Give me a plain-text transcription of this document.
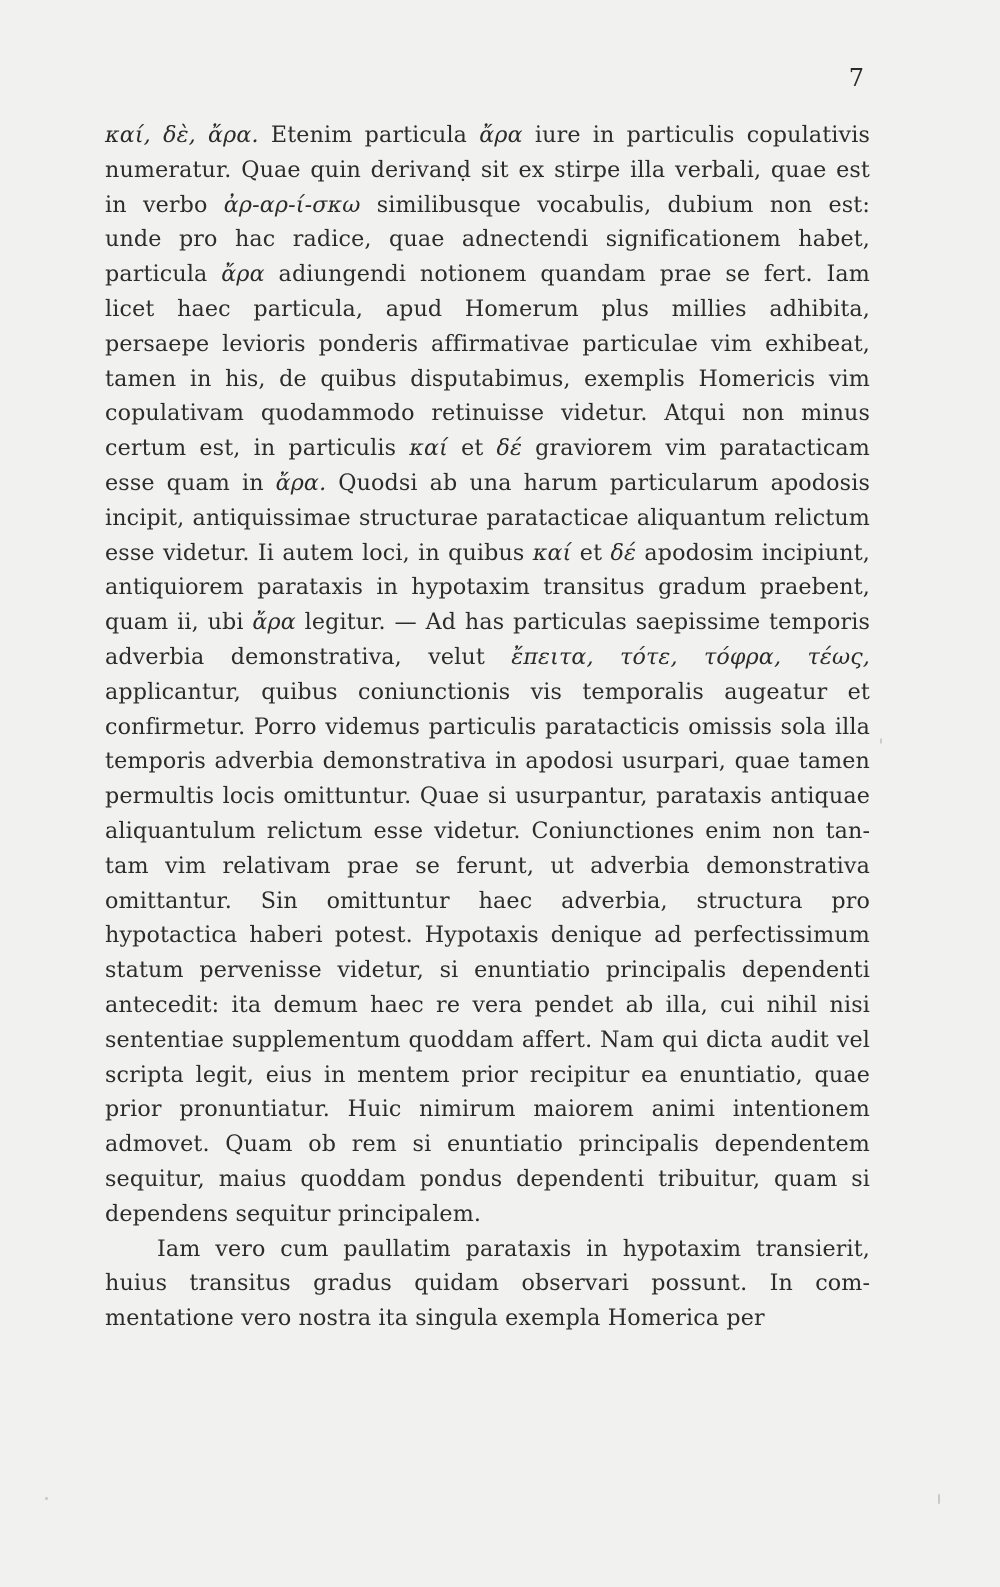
7

καί, δὲ, ἄρα. Etenim particula ἄρα iure in particulis copulativis numeratur. Quae quin derivanḍ sit ex stirpe illa verbali, quae est in verbo ἀρ-αρ-ί-σκω similibusque vocabulis, dubium non est: unde pro hac radice, quae adnectendi significationem habet, particula ἄρα adiungendi notionem quandam prae se fert. Iam licet haec particula, apud Homerum plus millies adhibita, persaepe levioris ponderis affirmativae particulae vim exhibeat, tamen in his, de quibus disputabimus, exemplis Homericis vim copulativam quodammodo retinuisse videtur. Atqui non minus certum est, in particulis καί et δέ graviorem vim paratacticam esse quam in ἄρα. Quodsi ab una harum particularum apodosis incipit, antiquissimae structurae paratacticae aliquantum relictum esse videtur. Ii autem loci, in quibus καί et δέ apodosim incipiunt, antiquiorem parataxis in hypotaxim transitus gradum praebent, quam ii, ubi ἄρα legitur. — Ad has particulas saepissime temporis adverbia demonstrativa, velut ἔπειτα, τότε, τόφρα, τέως, applicantur, quibus coniunctionis vis temporalis augeatur et confirmetur. Porro videmus particulis paratacticis omissis sola illa temporis adverbia demonstrativa in apodosi usurpari, quae tamen permultis locis omittuntur. Quae si usurpantur, parataxis antiquae aliquantulum relictum esse videtur. Coniunctiones enim non tantam vim relativam prae se ferunt, ut adverbia demonstrativa omittantur. Sin omittuntur haec adverbia, structura pro hypotactica haberi potest. Hypotaxis denique ad perfectissimum statum pervenisse videtur, si enuntiatio principalis dependenti antecedit: ita demum haec re vera pendet ab illa, cui nihil nisi sententiae supplementum quoddam affert. Nam qui dicta audit vel scripta legit, eius in mentem prior recipitur ea enuntiatio, quae prior pronuntiatur. Huic nimirum maiorem animi intentionem admovet. Quam ob rem si enuntiatio principalis dependentem sequitur, maius quoddam pondus dependenti tribuitur, quam si dependens sequitur principalem.

Iam vero cum paullatim parataxis in hypotaxim transierit, huius transitus gradus quidam observari possunt. In commentatione vero nostra ita singula exempla Homerica per
